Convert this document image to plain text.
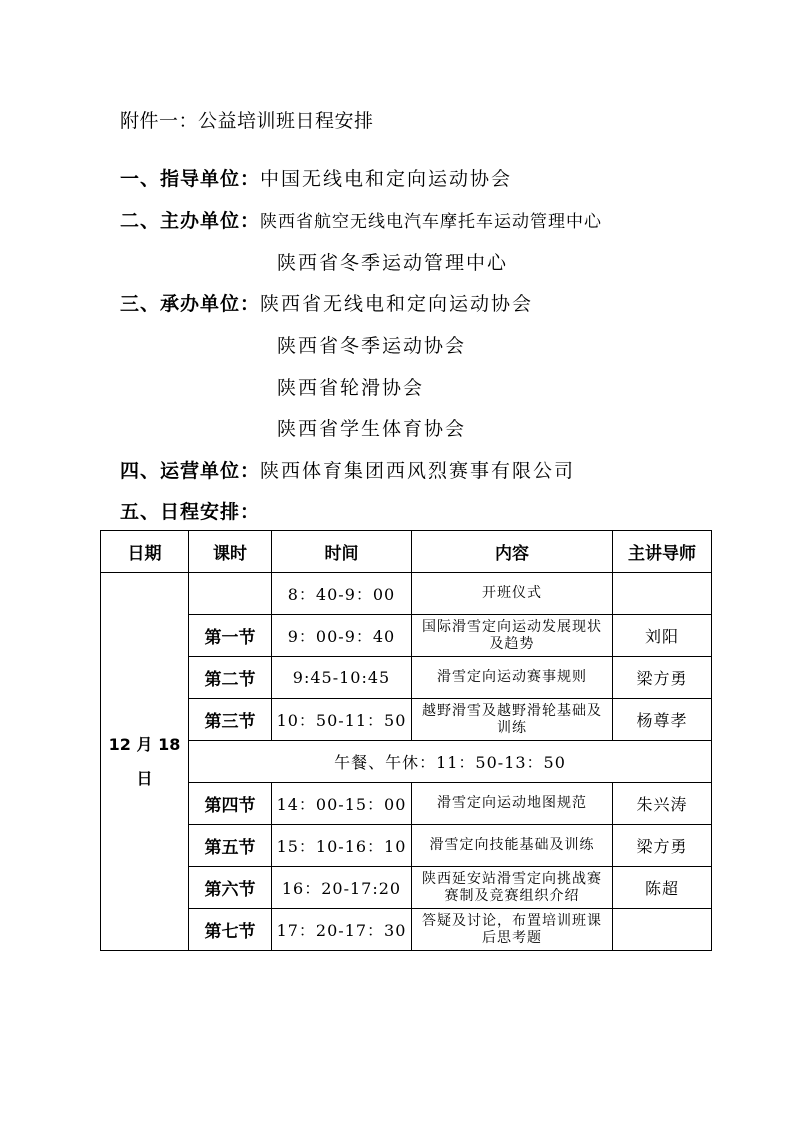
附件一：公益培训班日程安排
一、指导单位：中国无线电和定向运动协会
二、主办单位：陕西省航空无线电汽车摩托车运动管理中心
陕西省冬季运动管理中心
三、承办单位：陕西省无线电和定向运动协会
陕西省冬季运动协会
陕西省轮滑协会
陕西省学生体育协会
四、运营单位：陕西体育集团西风烈赛事有限公司
五、日程安排：
日期	课时	时间	内容	主讲导师

12 月 18
日		8：40-9：00	开班仪式	
	第一节	9：00-9：40	国际滑雪定向运动发展现状及趋势	刘阳
	第二节	9:45-10:45	滑雪定向运动赛事规则	梁方勇
	第三节	10：50-11：50	越野滑雪及越野滑轮基础及训练	杨尊孝
	午餐、午休：11：50-13：50			
	第四节	14：00-15：00	滑雪定向运动地图规范	朱兴涛
	第五节	15：10-16：10	滑雪定向技能基础及训练	梁方勇
	第六节	16：20-17:20	陕西延安站滑雪定向挑战赛赛制及竞赛组织介绍	陈超
	第七节	17：20-17：30	答疑及讨论，布置培训班课后思考题	
